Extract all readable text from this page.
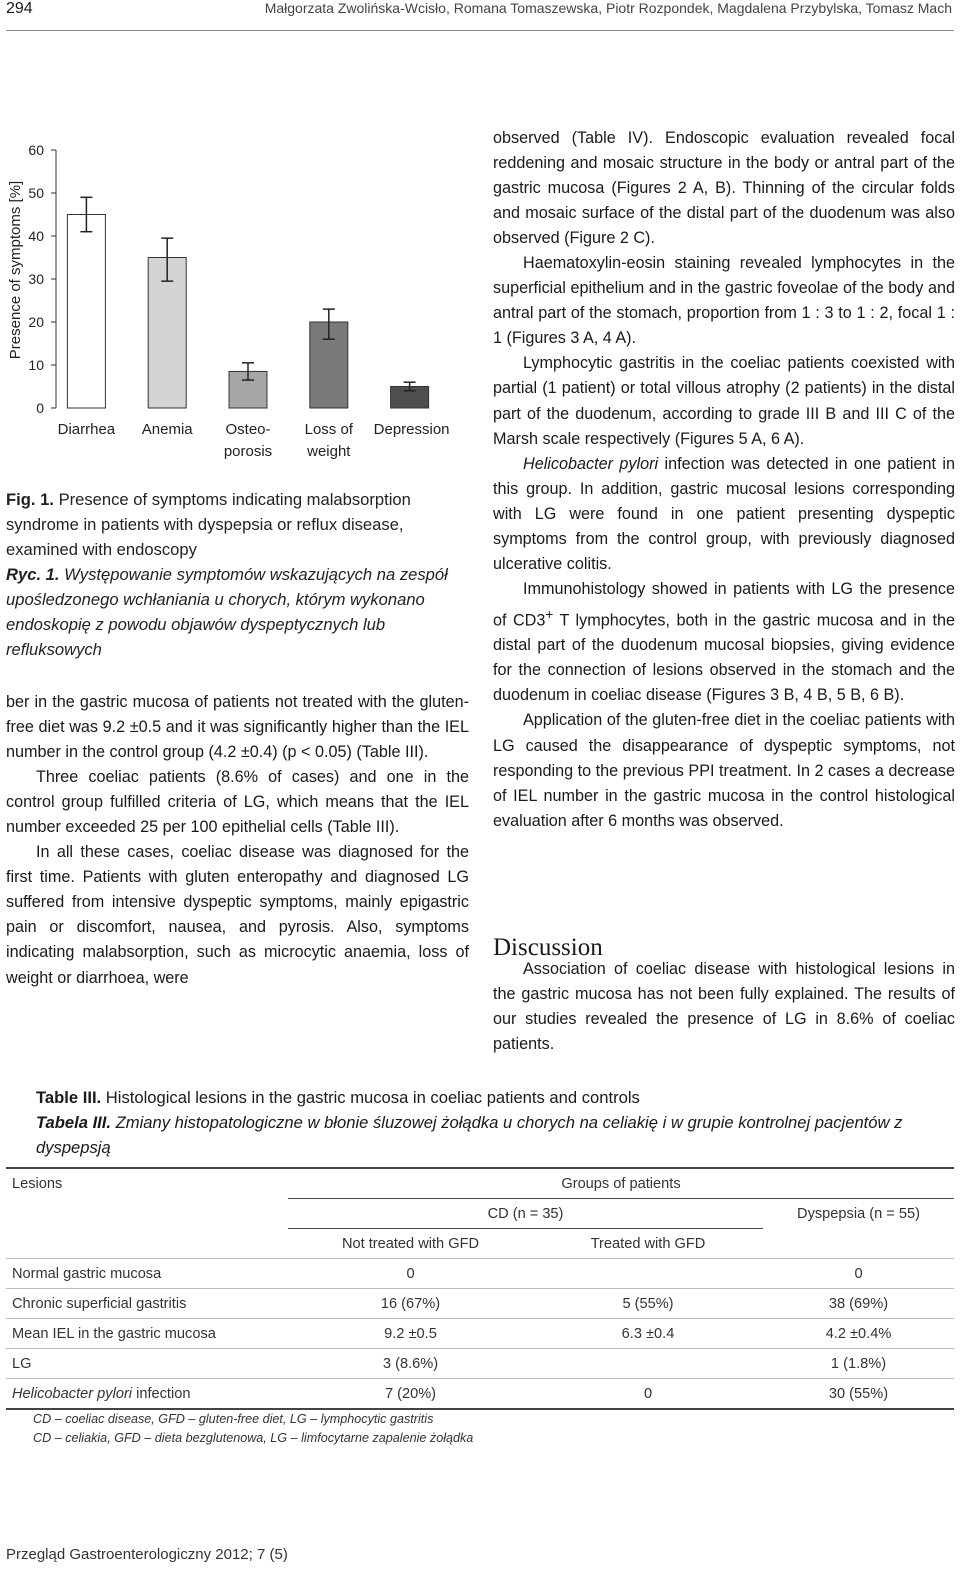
294	Małgorzata Zwolińska-Wcisło, Romana Tomaszewska, Piotr Rozpondek, Magdalena Przybylska, Tomasz Mach
Presence of symptoms [%]
0
10
20
30
40
50
60
Diarrhea Anemia Osteo-
porosis
Loss of
weight
Depression

Fig. 1. Presence of symptoms indicating malabsorption syndrome in patients with dyspepsia or reflux disease, examined with endoscopy

Ryc. 1. Występowanie symptomów wskazujących na zespół upośledzonego wchłaniania u chorych, którym wykonano endoskopię z powodu objawów dyspeptycznych lub refluksowych

ber in the gastric mucosa of patients not treated with the gluten-free diet was 9.2 ±0.5 and it was significantly higher than the IEL number in the control group (4.2 ±0.4) (p < 0.05) (Table III).

Three coeliac patients (8.6% of cases) and one in the control group fulfilled criteria of LG, which means that the IEL number exceeded 25 per 100 epithelial cells (Table III).

In all these cases, coeliac disease was diagnosed for the first time. Patients with gluten enteropathy and diagnosed LG suffered from intensive dyspeptic symptoms, mainly epigastric pain or discomfort, nausea, and pyrosis. Also, symptoms indicating malabsorption, such as microcytic anaemia, loss of weight or diarrhoea, were

observed (Table IV). Endoscopic evaluation revealed focal reddening and mosaic structure in the body or antral part of the gastric mucosa (Figures 2 A, B). Thinning of the circular folds and mosaic surface of the distal part of the duodenum was also observed (Figure 2 C).

Haematoxylin-eosin staining revealed lymphocytes in the superficial epithelium and in the gastric foveolae of the body and antral part of the stomach, proportion from 1 : 3 to 1 : 2, focal 1 : 1 (Figures 3 A, 4 A).

Lymphocytic gastritis in the coeliac patients coexisted with partial (1 patient) or total villous atrophy (2 patients) in the distal part of the duodenum, according to grade III B and III C of the Marsh scale respectively (Figures 5 A, 6 A).

Helicobacter pylori infection was detected in one patient in this group. In addition, gastric mucosal lesions corresponding with LG were found in one patient presenting dyspeptic symptoms from the control group, with previously diagnosed ulcerative colitis.

Immunohistology showed in patients with LG the presence of CD3+ T lymphocytes, both in the gastric mucosa and in the distal part of the duodenum mucosal biopsies, giving evidence for the connection of lesions observed in the stomach and the duodenum in coeliac disease (Figures 3 B, 4 B, 5 B, 6 B).

Application of the gluten-free diet in the coeliac patients with LG caused the disappearance of dyspeptic symptoms, not responding to the previous PPI treatment. In 2 cases a decrease of IEL number in the gastric mucosa in the control histological evaluation after 6 months was observed.

Discussion

Association of coeliac disease with histological lesions in the gastric mucosa has not been fully explained. The results of our studies revealed the presence of LG in 8.6% of coeliac patients.

Table III. Histological lesions in the gastric mucosa in coeliac patients and controls

Tabela III. Zmiany histopatologiczne w błonie śluzowej żołądka u chorych na celiakię i w grupie kontrolnej pacjentów z dyspepsją

Lesions	Groups of patients		
	CD (n = 35)		Dyspepsia (n = 55)
	Not treated with GFD	Treated with GFD	
Normal gastric mucosa	0		0
Chronic superficial gastritis	16 (67%)	5 (55%)	38 (69%)
Mean IEL in the gastric mucosa	9.2 ±0.5	6.3 ±0.4	4.2 ±0.4%
LG	3 (8.6%)		1 (1.8%)
Helicobacter pylori infection	7 (20%)	0	30 (55%)

CD – coeliac disease, GFD – gluten-free diet, LG – lymphocytic gastritis

CD – celiakia, GFD – dieta bezglutenowa, LG – limfocytarne zapalenie żołądka

Przegląd Gastroenterologiczny 2012; 7 (5)
